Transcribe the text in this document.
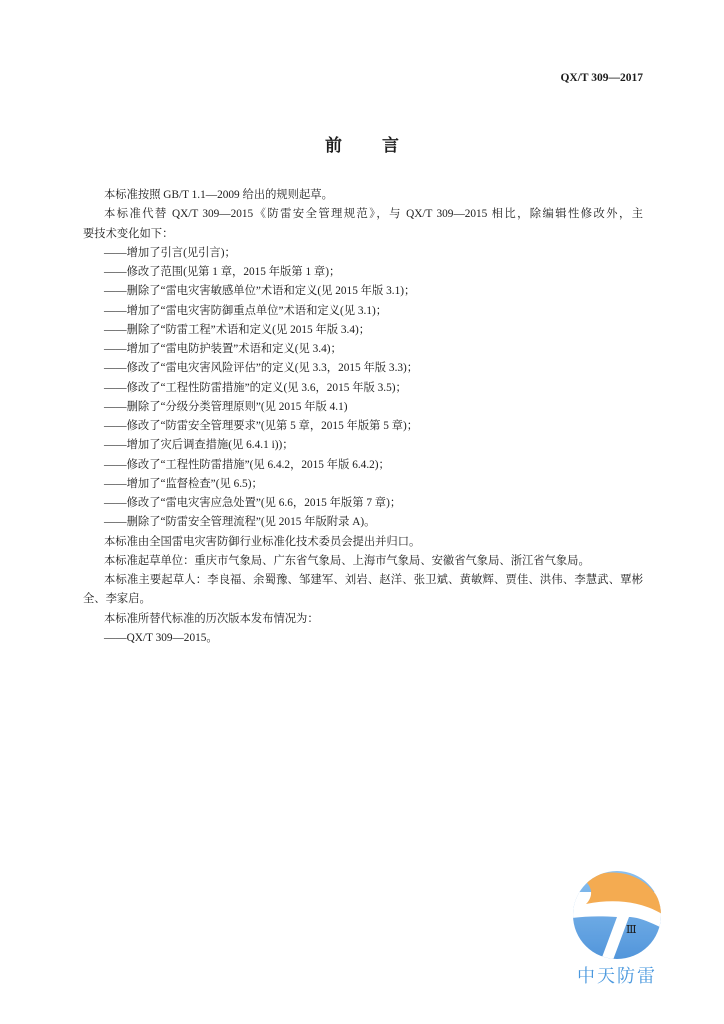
QX/T 309—2017
前言
本标准按照 GB/T 1.1—2009 给出的规则起草。
本标准代替 QX/T 309—2015《防雷安全管理规范》，与 QX/T 309—2015 相比，除编辑性修改外，主
要技术变化如下：
——增加了引言(见引言)；
——修改了范围(见第 1 章，2015 年版第 1 章)；
——删除了“雷电灾害敏感单位”术语和定义(见 2015 年版 3.1)；
——增加了“雷电灾害防御重点单位”术语和定义(见 3.1)；
——删除了“防雷工程”术语和定义(见 2015 年版 3.4)；
——增加了“雷电防护装置”术语和定义(见 3.4)；
——修改了“雷电灾害风险评估”的定义(见 3.3，2015 年版 3.3)；
——修改了“工程性防雷措施”的定义(见 3.6，2015 年版 3.5)；
——删除了“分级分类管理原则”(见 2015 年版 4.1)
——修改了“防雷安全管理要求”(见第 5 章，2015 年版第 5 章)；
——增加了灾后调查措施(见 6.4.1 i))；
——修改了“工程性防雷措施”(见 6.4.2，2015 年版 6.4.2)；
——增加了“监督检查”(见 6.5)；
——修改了“雷电灾害应急处置”(见 6.6，2015 年版第 7 章)；
——删除了“防雷安全管理流程”(见 2015 年版附录 A)。
本标准由全国雷电灾害防御行业标准化技术委员会提出并归口。
本标准起草单位：重庆市气象局、广东省气象局、上海市气象局、安徽省气象局、浙江省气象局。
本标准主要起草人：李良福、余蜀豫、邹建军、刘岩、赵洋、张卫斌、黄敏辉、贾佳、洪伟、李慧武、覃彬
全、李家启。
本标准所替代标准的历次版本发布情况为：
——QX/T 309—2015。
Ⅲ
中天防雷
